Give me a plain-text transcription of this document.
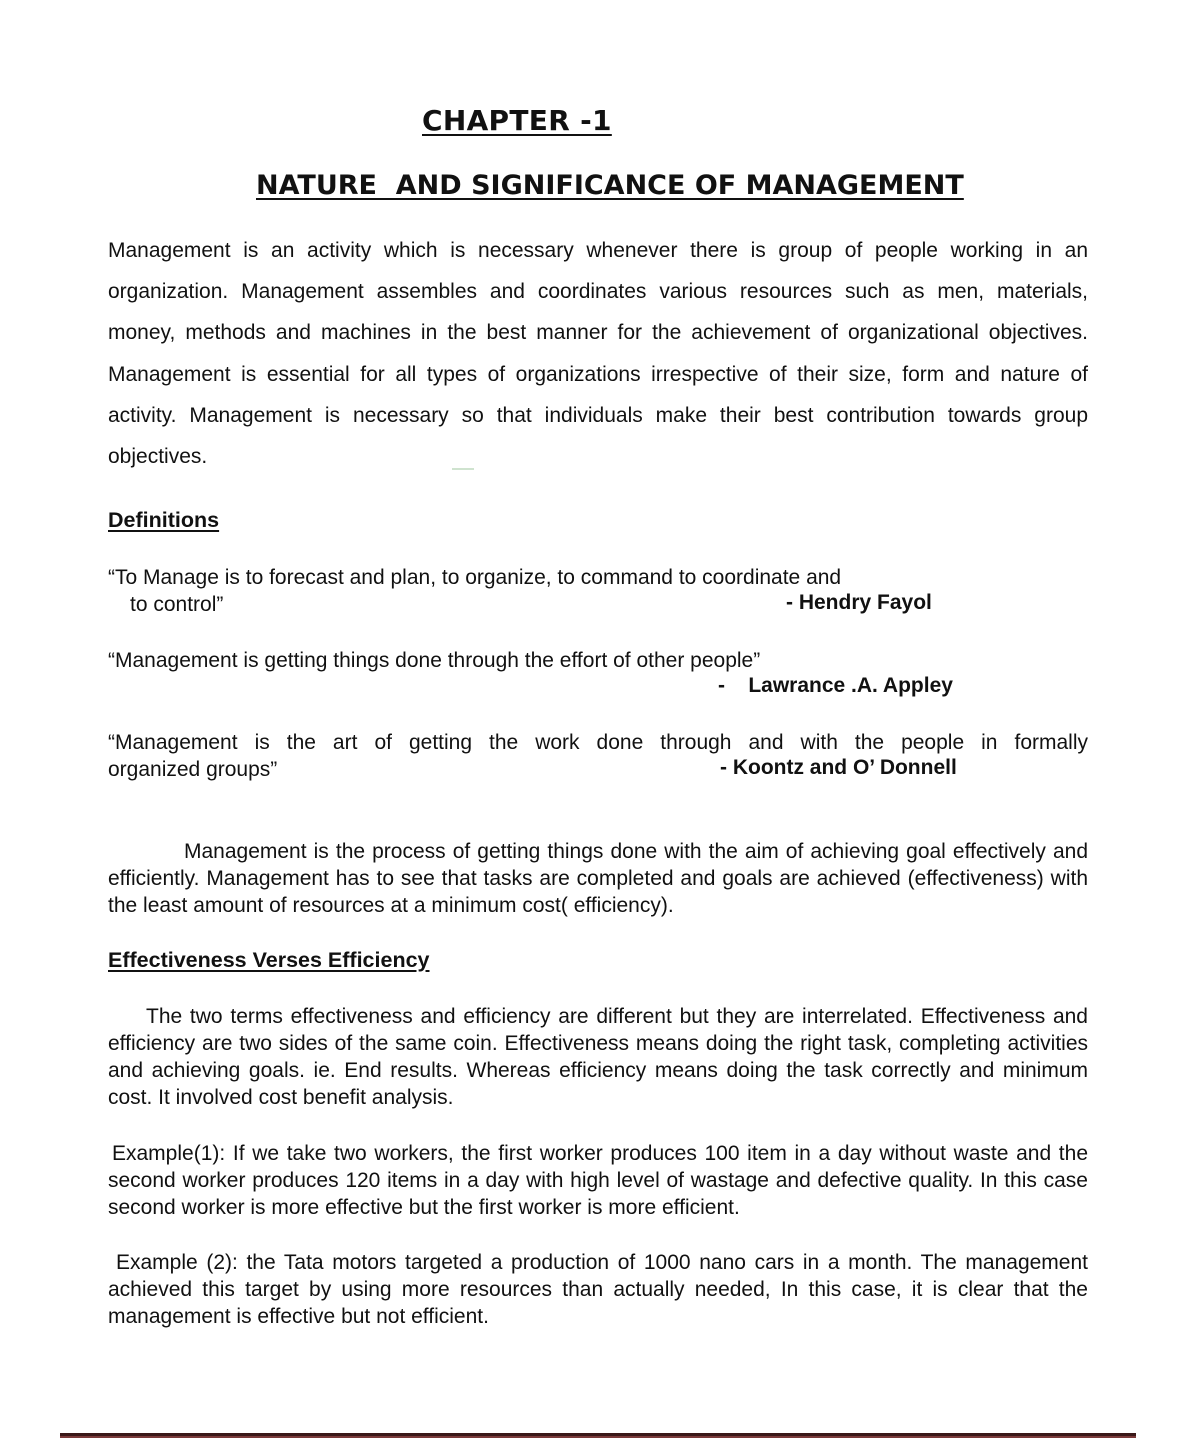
CHAPTER -1
NATURE  AND SIGNIFICANCE OF MANAGEMENT
Management is an activity which is necessary whenever there is group of people working in an organization. Management assembles and coordinates various resources such as men, materials, money, methods and machines in the best manner for the achievement of organizational objectives. Management is essential for all types of organizations irrespective of their size, form and nature of activity. Management is necessary so that individuals make their best contribution towards group objectives.
Definitions
“To Manage is to forecast and plan, to organize, to command to coordinate and
to control”	- Hendry Fayol
“Management is getting things done through the effort of other people”
-    Lawrance .A. Appley
“Management is the art of getting the work done through and with the people in formally
organized groups”	- Koontz and O’ Donnell
Management is the process of getting things done with the aim of achieving goal effectively and efficiently. Management has to see that tasks are completed and goals are achieved (effectiveness) with the least amount of resources at a minimum cost( efficiency).
Effectiveness Verses Efficiency
The two terms effectiveness and efficiency are different but they are interrelated. Effectiveness and efficiency are two sides of the same coin. Effectiveness means doing the right task, completing activities and achieving goals. ie. End results. Whereas efficiency means doing the task correctly and minimum cost. It involved cost benefit analysis.
Example(1): If we take two workers, the first worker produces 100 item in a day without waste and the second worker produces 120 items in a day with high level of wastage and defective quality. In this case second worker is more effective but the first worker is more efficient.
Example (2): the Tata motors targeted a production of 1000 nano cars in a month. The management achieved this target by using more resources than actually needed, In this case, it is clear that the management is effective but not efficient.
